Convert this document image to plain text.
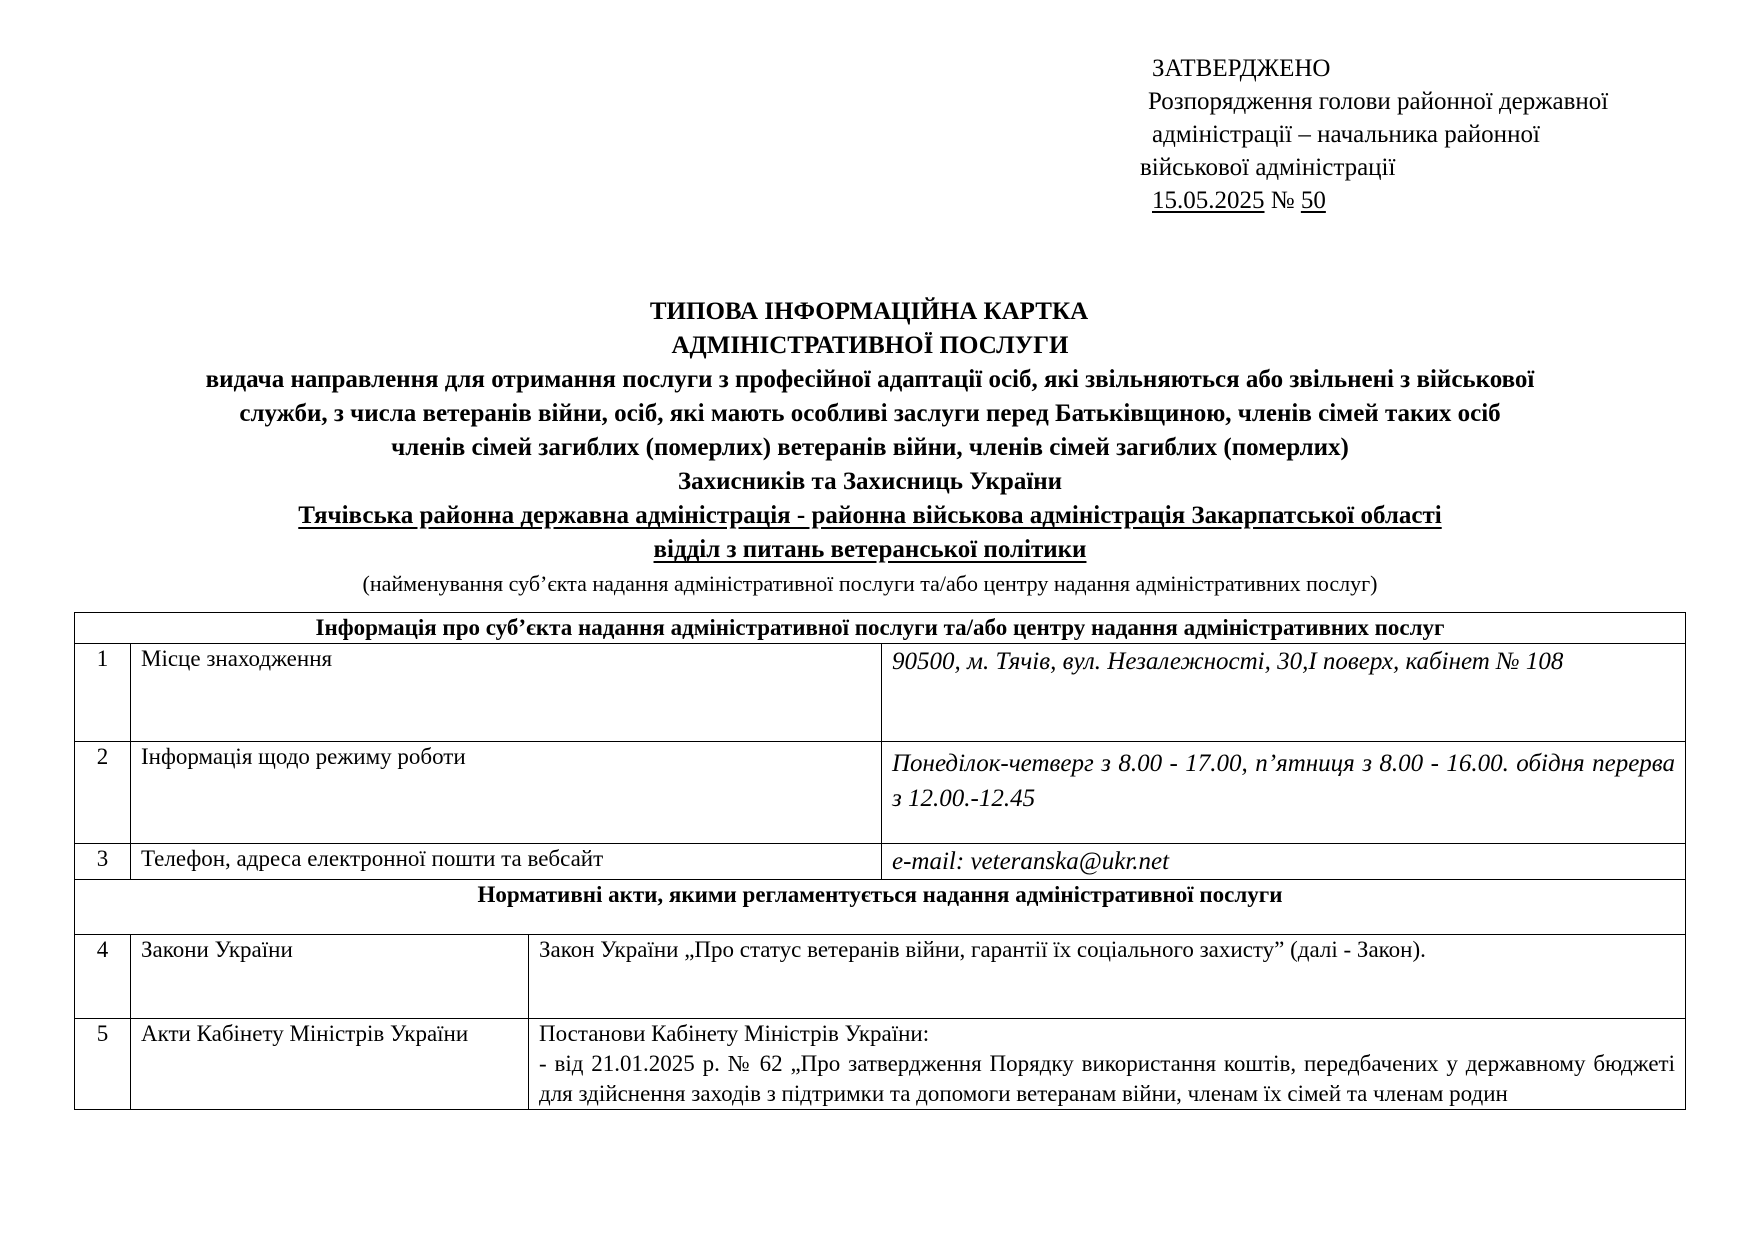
ЗАТВЕРДЖЕНО
Розпорядження голови районної державної
адміністрації – начальника районної
військової адміністрації
15.05.2025 № 50
ТИПОВА ІНФОРМАЦІЙНА КАРТКА
АДМІНІСТРАТИВНОЇ ПОСЛУГИ
видача направлення для отримання послуги з професійної адаптації осіб, які звільняються або звільнені з військової
служби, з числа ветеранів війни, осіб, які мають особливі заслуги перед Батьківщиною, членів сімей таких осіб
членів сімей загиблих (померлих) ветеранів війни, членів сімей загиблих (померлих)
Захисників та Захисниць України
Тячівська районна державна адміністрація - районна військова адміністрація Закарпатської області
відділ з питань ветеранської політики
(найменування суб’єкта надання адміністративної послуги та/або центру надання адміністративних послуг)
Інформація про суб’єкта надання адміністративної послуги та/або центру надання адміністративних послуг			
1	Місце знаходження		90500, м. Тячів, вул. Незалежності, 30,І поверх, кабінет № 108
2	Інформація щодо режиму роботи		Понеділок-четверг з 8.00 - 17.00, п’ятниця з 8.00 - 16.00. обідня перерва з 12.00.-12.45
3	Телефон, адреса електронної пошти та вебсайт		e-mail: veteranska@ukr.net
Нормативні акти, якими регламентується надання адміністративної послуги			
4	Закони України	Закон України „Про статус ветеранів війни, гарантії їх соціального захисту” (далі - Закон).	
5	Акти Кабінету Міністрів України	Постанови Кабінету Міністрів України:
- від 21.01.2025 р. № 62 „Про затвердження Порядку використання коштів, передбачених у державному бюджеті для здійснення заходів з підтримки та допомоги ветеранам війни, членам їх сімей та членам родин	
